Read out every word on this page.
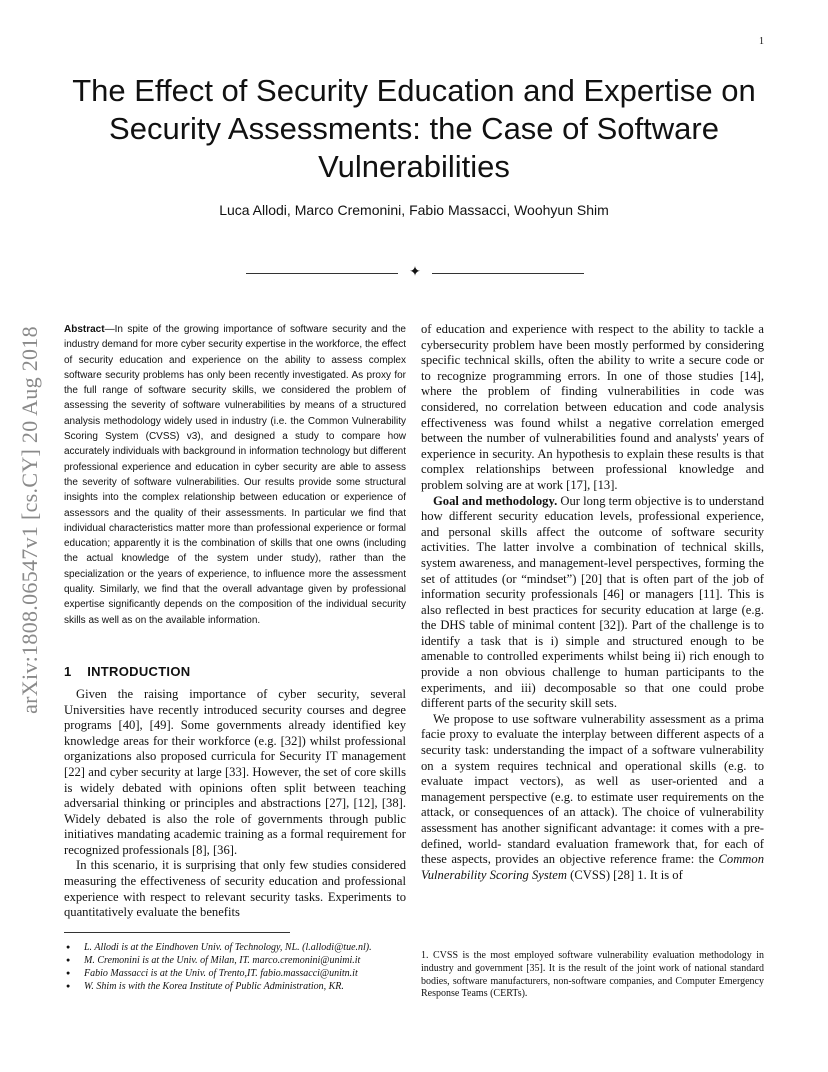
1
arXiv:1808.06547v1 [cs.CY] 20 Aug 2018
The Effect of Security Education and Expertise on Security Assessments: the Case of Software Vulnerabilities
Luca Allodi, Marco Cremonini, Fabio Massacci, Woohyun Shim
✦

Abstract—In spite of the growing importance of software security and the industry demand for more cyber security expertise in the workforce, the effect of security education and experience on the ability to assess complex software security problems has only been recently investigated. As proxy for the full range of software security skills, we considered the problem of assessing the severity of software vulnerabilities by means of a structured analysis methodology widely used in industry (i.e. the Common Vulnerability Scoring System (CVSS) v3), and designed a study to compare how accurately individuals with background in information technology but different professional experience and education in cyber security are able to assess the severity of software vulnerabilities. Our results provide some structural insights into the complex relationship between education or experience of assessors and the quality of their assessments. In particular we find that individual characteristics matter more than professional experience or formal education; apparently it is the combination of skills that one owns (including the actual knowledge of the system under study), rather than the specialization or the years of experience, to influence more the assessment quality. Similarly, we find that the overall advantage given by professional expertise significantly depends on the composition of the individual security skills as well as on the available information.

1 INTRODUCTION

Given the raising importance of cyber security, several Universities have recently introduced security courses and degree programs [40], [49]. Some governments already identified key knowledge areas for their workforce (e.g. [32]) whilst professional organizations also proposed curricula for Security IT management [22] and cyber security at large [33]. However, the set of core skills is widely debated with opinions often split between teaching adversarial thinking or principles and abstractions [27], [12], [38]. Widely debated is also the role of governments through public initiatives mandating academic training as a formal requirement for recognized professionals [8], [36].

In this scenario, it is surprising that only few studies considered measuring the effectiveness of security education and professional experience with respect to relevant security tasks. Experiments to quantitatively evaluate the benefits

of education and experience with respect to the ability to tackle a cybersecurity problem have been mostly performed by considering specific technical skills, often the ability to write a secure code or to recognize programming errors. In one of those studies [14], where the problem of finding vulnerabilities in code was considered, no correlation between education and code analysis effectiveness was found whilst a negative correlation emerged between the number of vulnerabilities found and analysts' years of experience in security. An hypothesis to explain these results is that complex relationships between professional knowledge and problem solving are at work [17], [13].

Goal and methodology. Our long term objective is to understand how different security education levels, professional experience, and personal skills affect the outcome of software security activities. The latter involve a combination of technical skills, system awareness, and management-level perspectives, forming the set of attitudes (or “mindset”) [20] that is often part of the job of information security professionals [46] or managers [11]. This is also reflected in best practices for security education at large (e.g. the DHS table of minimal content [32]). Part of the challenge is to identify a task that is i) simple and structured enough to be amenable to controlled experiments whilst being ii) rich enough to provide a non obvious challenge to human participants to the experiments, and iii) decomposable so that one could probe different parts of the security skill sets.

We propose to use software vulnerability assessment as a prima facie proxy to evaluate the interplay between different aspects of a security task: understanding the impact of a software vulnerability on a system requires technical and operational skills (e.g. to evaluate impact vectors), as well as user-oriented and a management perspective (e.g. to estimate user requirements on the attack, or consequences of an attack). The choice of vulnerability assessment has another significant advantage: it comes with a pre-defined, world- standard evaluation framework that, for each of these aspects, provides an objective reference frame: the Common Vulnerability Scoring System (CVSS) [28] 1. It is of

● L. Allodi is at the Eindhoven Univ. of Technology, NL. (l.allodi@tue.nl).
● M. Cremonini is at the Univ. of Milan, IT. marco.cremonini@unimi.it
● Fabio Massacci is at the Univ. of Trento,IT. fabio.massacci@unitn.it
● W. Shim is with the Korea Institute of Public Administration, KR.

1. CVSS is the most employed software vulnerability evaluation methodology in industry and government [35]. It is the result of the joint work of national standard bodies, software manufacturers, non-software companies, and Computer Emergency Response Teams (CERTs).
